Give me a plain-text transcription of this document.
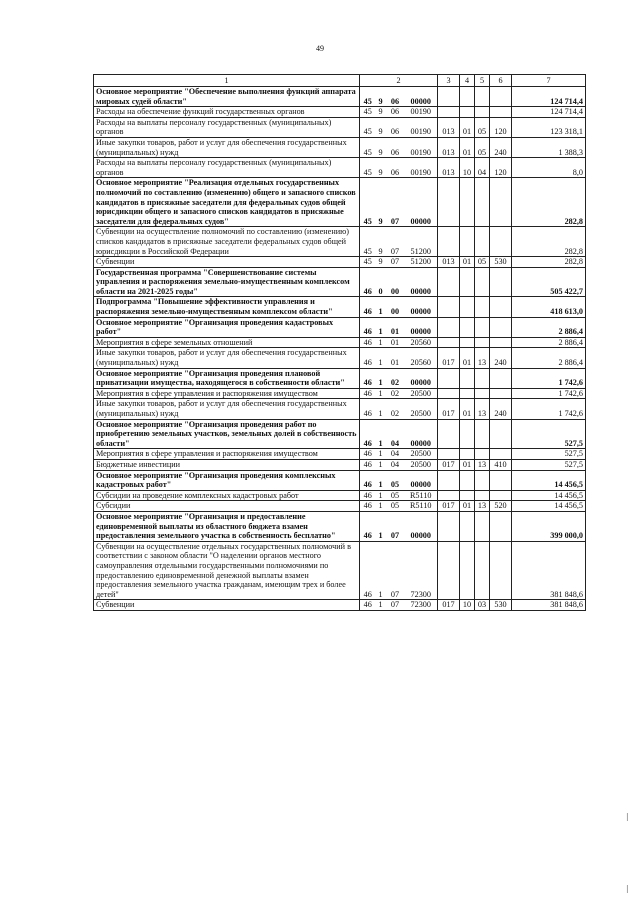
49
1	2				3	4	5	6	7
Основное мероприятие "Обеспечение выполнения функций аппарата мировых судей области"	45	9	06	00000					124 714,4
Расходы на обеспечение функций государственных органов	45	9	06	00190					124 714,4
Расходы на выплаты персоналу государственных (муниципальных) органов	45	9	06	00190	013	01	05	120	123 318,1
Иные закупки товаров, работ и услуг для обеспечения государственных (муниципальных) нужд	45	9	06	00190	013	01	05	240	1 388,3
Расходы на выплаты персоналу государственных (муниципальных) органов	45	9	06	00190	013	10	04	120	8,0
Основное мероприятие "Реализация отдельных государственных полномочий по составлению (изменению) общего и запасного списков кандидатов в присяжные заседатели для федеральных судов общей юрисдикции общего и запасного списков кандидатов в присяжные заседатели для федеральных судов"	45	9	07	00000					282,8
Субвенции на осуществление полномочий по составлению (изменению) списков кандидатов в присяжные заседатели федеральных судов общей юрисдикции в Российской Федерации	45	9	07	51200					282,8
Субвенции	45	9	07	51200	013	01	05	530	282,8
Государственная программа "Совершенствование системы управления и распоряжения земельно-имущественным комплексом области на 2021-2025 годы"	46	0	00	00000					505 422,7
Подпрограмма "Повышение эффективности управления и распоряжения земельно-имущественным комплексом области"	46	1	00	00000					418 613,0
Основное мероприятие "Организация проведения кадастровых работ"	46	1	01	00000					2 886,4
Мероприятия в сфере земельных отношений	46	1	01	20560					2 886,4
Иные закупки товаров, работ и услуг для обеспечения государственных (муниципальных) нужд	46	1	01	20560	017	01	13	240	2 886,4
Основное мероприятие "Организация проведения плановой приватизации имущества, находящегося в собственности области"	46	1	02	00000					1 742,6
Мероприятия в сфере управления и распоряжения имуществом	46	1	02	20500					1 742,6
Иные закупки товаров, работ и услуг для обеспечения государственных (муниципальных) нужд	46	1	02	20500	017	01	13	240	1 742,6
Основное мероприятие "Организация проведения работ по приобретению земельных участков, земельных долей в собственность области"	46	1	04	00000					527,5
Мероприятия в сфере управления и распоряжения имуществом	46	1	04	20500					527,5
Бюджетные инвестиции	46	1	04	20500	017	01	13	410	527,5
Основное мероприятие "Организация проведения комплексных кадастровых работ"	46	1	05	00000					14 456,5
Субсидии на проведение комплексных кадастровых работ	46	1	05	R5110					14 456,5
Субсидии	46	1	05	R5110	017	01	13	520	14 456,5
Основное мероприятие "Организация и предоставление единовременной выплаты из областного бюджета взамен предоставления земельного участка в собственность бесплатно"	46	1	07	00000					399 000,0
Субвенции на осуществление отдельных государственных полномочий в соответствии с законом области "О наделении органов местного самоуправления отдельными государственными полномочиями по предоставлению единовременной денежной выплаты взамен предоставления земельного участка гражданам, имеющим трех и более детей"	46	1	07	72300					381 848,6
Субвенции	46	1	07	72300	017	10	03	530	381 848,6
|
|
